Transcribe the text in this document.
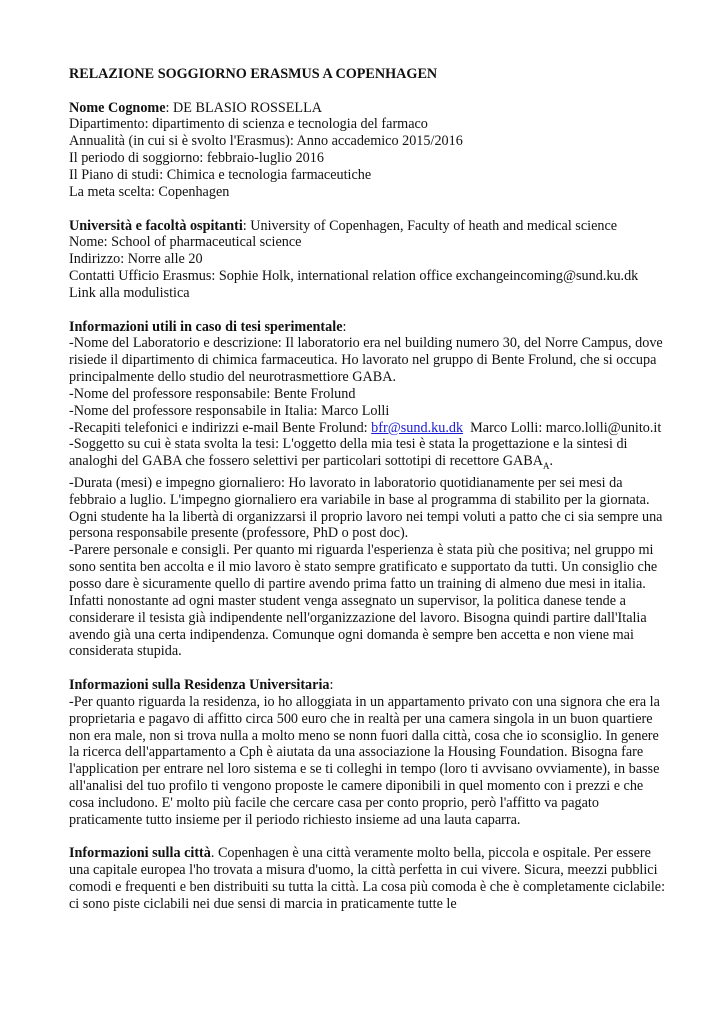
RELAZIONE SOGGIORNO ERASMUS A COPENHAGEN

Nome Cognome: DE BLASIO ROSSELLA

Dipartimento: dipartimento di scienza e tecnologia del farmaco

Annualità (in cui si è svolto l'Erasmus): Anno accademico 2015/2016

Il periodo di soggiorno: febbraio-luglio 2016

Il Piano di studi: Chimica e tecnologia farmaceutiche

La meta scelta: Copenhagen

Università e facoltà ospitanti: University of Copenhagen, Faculty of heath and medical science

Nome: School of pharmaceutical science

Indirizzo: Norre alle 20

Contatti Ufficio Erasmus: Sophie Holk, international relation office exchangeincoming@sund.ku.dk

Link alla modulistica

Informazioni utili in caso di tesi sperimentale:

-Nome del Laboratorio e descrizione: Il laboratorio era nel building numero 30, del Norre Campus, dove risiede il dipartimento di chimica farmaceutica. Ho lavorato nel gruppo di Bente Frolund, che si occupa principalmente dello studio del neurotrasmettiore GABA.

-Nome del professore responsabile: Bente Frolund

-Nome del professore responsabile in Italia: Marco Lolli

-Recapiti telefonici e indirizzi e-mail Bente Frolund: bfr@sund.ku.dk  Marco Lolli: marco.lolli@unito.it

-Soggetto su cui è stata svolta la tesi: L'oggetto della mia tesi è stata la progettazione e la sintesi di analoghi del GABA che fossero selettivi per particolari sottotipi di recettore $GABA_A$.

-Durata (mesi) e impegno giornaliero: Ho lavorato in laboratorio quotidianamente per sei mesi da febbraio a luglio. L'impegno giornaliero era variabile in base al programma di stabilito per la giornata. Ogni studente ha la libertà di organizzarsi il proprio lavoro nei tempi voluti a patto che ci sia sempre una persona responsabile presente (professore, PhD o post doc).

-Parere personale e consigli. Per quanto mi riguarda l'esperienza è stata più che positiva; nel gruppo mi sono sentita ben accolta e il mio lavoro è stato sempre gratificato e supportato da tutti. Un consiglio che posso dare è sicuramente quello di partire avendo prima fatto un training di almeno due mesi in italia. Infatti nonostante ad ogni master student venga assegnato un supervisor, la politica danese tende a considerare il tesista già indipendente nell'organizzazione del lavoro. Bisogna quindi partire dall'Italia avendo già una certa indipendenza. Comunque ogni domanda è sempre ben accetta e non viene mai considerata stupida.

Informazioni sulla Residenza Universitaria:

-Per quanto riguarda la residenza, io ho alloggiata in un appartamento privato con una signora che era la proprietaria e pagavo di affitto circa 500 euro che in realtà per una camera singola in un buon quartiere non era male, non si trova nulla a molto meno se nonn fuori dalla città, cosa che io sconsiglio. In genere la ricerca dell'appartamento a Cph è aiutata da una associazione la Housing Foundation. Bisogna fare l'application per entrare nel loro sistema e se ti colleghi in tempo (loro ti avvisano ovviamente), in basse all'analisi del tuo profilo ti vengono proposte le camere diponibili in quel momento con i prezzi e che cosa includono. E' molto più facile che cercare casa per conto proprio, però l'affitto va pagato praticamente tutto insieme per il periodo richiesto insieme ad una lauta caparra.

Informazioni sulla città. Copenhagen è una città veramente molto bella, piccola e ospitale. Per essere una capitale europea l'ho trovata a misura d'uomo, la città perfetta in cui vivere. Sicura, meezzi pubblici comodi e frequenti e ben distribuiti su tutta la città. La cosa più comoda è che è completamente ciclabile: ci sono piste ciclabili nei due sensi di marcia in praticamente tutte le
